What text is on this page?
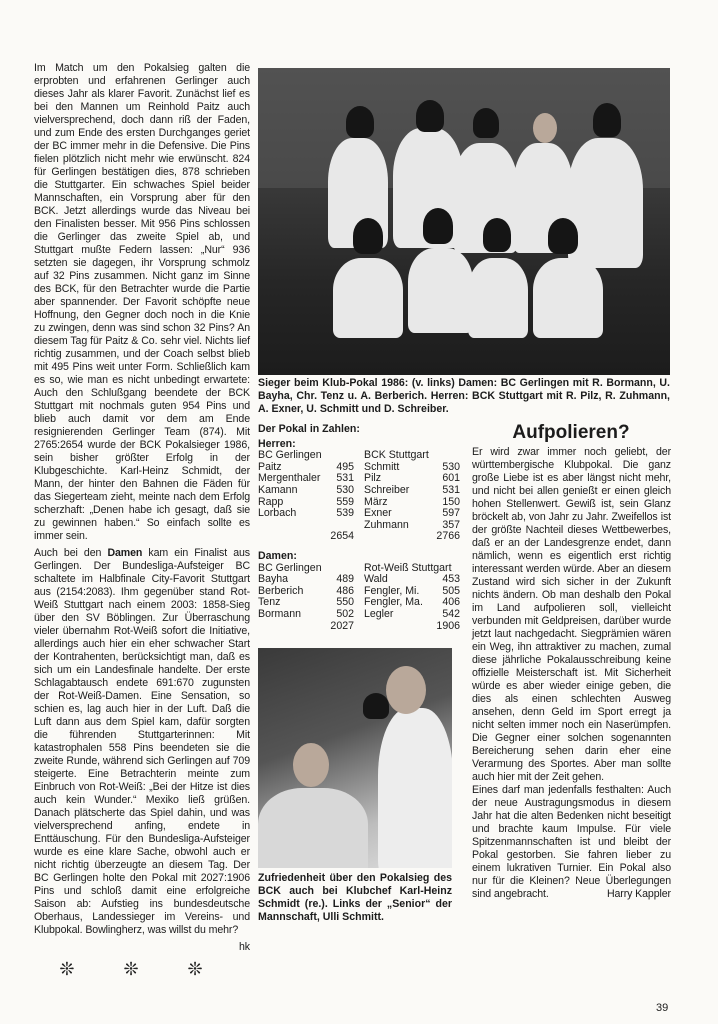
Im Match um den Pokalsieg galten die erprobten und erfahrenen Gerlinger auch dieses Jahr als klarer Favorit. Zunächst lief es bei den Mannen um Reinhold Paitz auch vielversprechend, doch dann riß der Faden, und zum Ende des ersten Durchganges geriet der BC immer mehr in die Defensive. Die Pins fielen plötzlich nicht mehr wie erwünscht. 824 für Gerlingen bestätigen dies, 878 schrieben die Stuttgarter. Ein schwaches Spiel beider Mannschaften, ein Vorsprung aber für den BCK. Jetzt allerdings wurde das Niveau bei den Finalisten besser. Mit 956 Pins schlossen die Gerlinger das zweite Spiel ab, und Stuttgart mußte Federn lassen: „Nur“ 936 setzten sie dagegen, ihr Vorsprung schmolz auf 32 Pins zusammen. Nicht ganz im Sinne des BCK, für den Betrachter wurde die Partie aber spannender. Der Favorit schöpfte neue Hoffnung, den Gegner doch noch in die Knie zu zwingen, denn was sind schon 32 Pins? An diesem Tag für Paitz & Co. sehr viel. Nichts lief richtig zusammen, und der Coach selbst blieb mit 495 Pins weit unter Form. Schließlich kam es so, wie man es nicht unbedingt erwartete: Auch den Schlußgang beendete der BCK Stuttgart mit nochmals guten 954 Pins und blieb auch damit vor dem am Ende resignierenden Gerlinger Team (874). Mit 2765:2654 wurde der BCK Pokalsieger 1986, sein bisher größter Erfolg in der Klubgeschichte. Karl-Heinz Schmidt, der Mann, der hinter den Bahnen die Fäden für das Siegerteam zieht, meinte nach dem Erfolg scherzhaft: „Denen habe ich gesagt, daß sie zu gewinnen haben.“ So einfach sollte es immer sein.

Auch bei den Damen kam ein Finalist aus Gerlingen. Der Bundesliga-Aufsteiger BC schaltete im Halbfinale City-Favorit Stuttgart aus (2154:2083). Ihm gegenüber stand Rot-Weiß Stuttgart nach einem 2003: 1858-Sieg über den SV Böblingen. Zur Überraschung vieler übernahm Rot-Weiß sofort die Initiative, allerdings auch hier ein eher schwacher Start der Kontrahenten, berücksichtigt man, daß es sich um ein Landesfinale handelte. Der erste Schlagabtausch endete 691:670 zugunsten der Rot-Weiß-Damen. Eine Sensation, so schien es, lag auch hier in der Luft. Daß die Luft dann aus dem Spiel kam, dafür sorgten die führenden Stuttgarterinnen: Mit katastrophalen 558 Pins beendeten sie die zweite Runde, während sich Gerlingen auf 709 steigerte. Eine Betrachterin meinte zum Einbruch von Rot-Weiß: „Bei der Hitze ist dies auch kein Wunder.“ Mexiko ließ grüßen. Danach plätscherte das Spiel dahin, und was vielversprechend anfing, endete in Enttäuschung. Für den Bundesliga-Aufsteiger wurde es eine klare Sache, obwohl auch er nicht richtig überzeugte an diesem Tag. Der BC Gerlingen holte den Pokal mit 2027:1906 Pins und schloß damit eine erfolgreiche Saison ab: Aufstieg ins bundesdeutsche Oberhaus, Landessieger im Vereins- und Klubpokal. Bowlingherz, was willst du mehr?

hk
❊ ❊ ❊
Sieger beim Klub-Pokal 1986: (v. links) Damen: BC Gerlingen mit R. Bormann, U. Bayha, Chr. Tenz u. A. Berberich. Herren: BCK Stuttgart mit R. Pilz, R. Zuhmann, A. Exner, U. Schmitt und D. Schreiber.
Der Pokal in Zahlen:
Herren:
BC Gerlingen	BCK Stuttgart
Paitz	495 Schmitt	530
Mergenthaler	531 Pilz	601
Kamann	530 Schreiber	531
Rapp	559 März	150
Lorbach	539 Exner	597
Zuhmann	357
2654	2766
Damen:
BC Gerlingen	Rot-Weiß Stuttgart
Bayha	489 Wald	453
Berberich	486 Fengler, Mi.	505
Tenz	550 Fengler, Ma.	406
Bormann	502 Legler	542
2027	1906
Zufriedenheit über den Pokalsieg des BCK auch bei Klubchef Karl-Heinz Schmidt (re.). Links der „Senior“ der Mannschaft, Ulli Schmitt.
Aufpolieren?

Er wird zwar immer noch geliebt, der württembergische Klubpokal. Die ganz große Liebe ist es aber längst nicht mehr, und nicht bei allen genießt er einen gleich hohen Stellenwert. Gewiß ist, sein Glanz bröckelt ab, von Jahr zu Jahr. Zweifellos ist der größte Nachteil dieses Wettbewerbes, daß er an der Landesgrenze endet, dann nämlich, wenn es eigentlich erst richtig interessant werden würde. Aber an diesem Zustand wird sich sicher in der Zukunft nichts ändern. Ob man deshalb den Pokal im Land aufpolieren soll, vielleicht verbunden mit Geldpreisen, darüber wurde jetzt laut nachgedacht. Siegprämien wären ein Weg, ihn attraktiver zu machen, zumal diese jährliche Pokalausschreibung keine offizielle Meisterschaft ist. Mit Sicherheit würde es aber wieder einige geben, die dies als einen schlechten Ausweg ansehen, denn Geld im Sport erregt ja nicht selten immer noch ein Naserümpfen. Die Gegner einer solchen sogenannten Bereicherung sehen darin eher eine Verarmung des Sportes. Aber man sollte auch hier mit der Zeit gehen.

Eines darf man jedenfalls festhalten: Auch der neue Austragungsmodus in diesem Jahr hat die alten Bedenken nicht beseitigt und brachte kaum Impulse. Für viele Spitzenmannschaften ist und bleibt der Pokal gestorben. Sie fahren lieber zu einem lukrativen Turnier. Ein Pokal also nur für die Kleinen? Neue Überlegungen sind angebracht.	Harry Kappler

39
